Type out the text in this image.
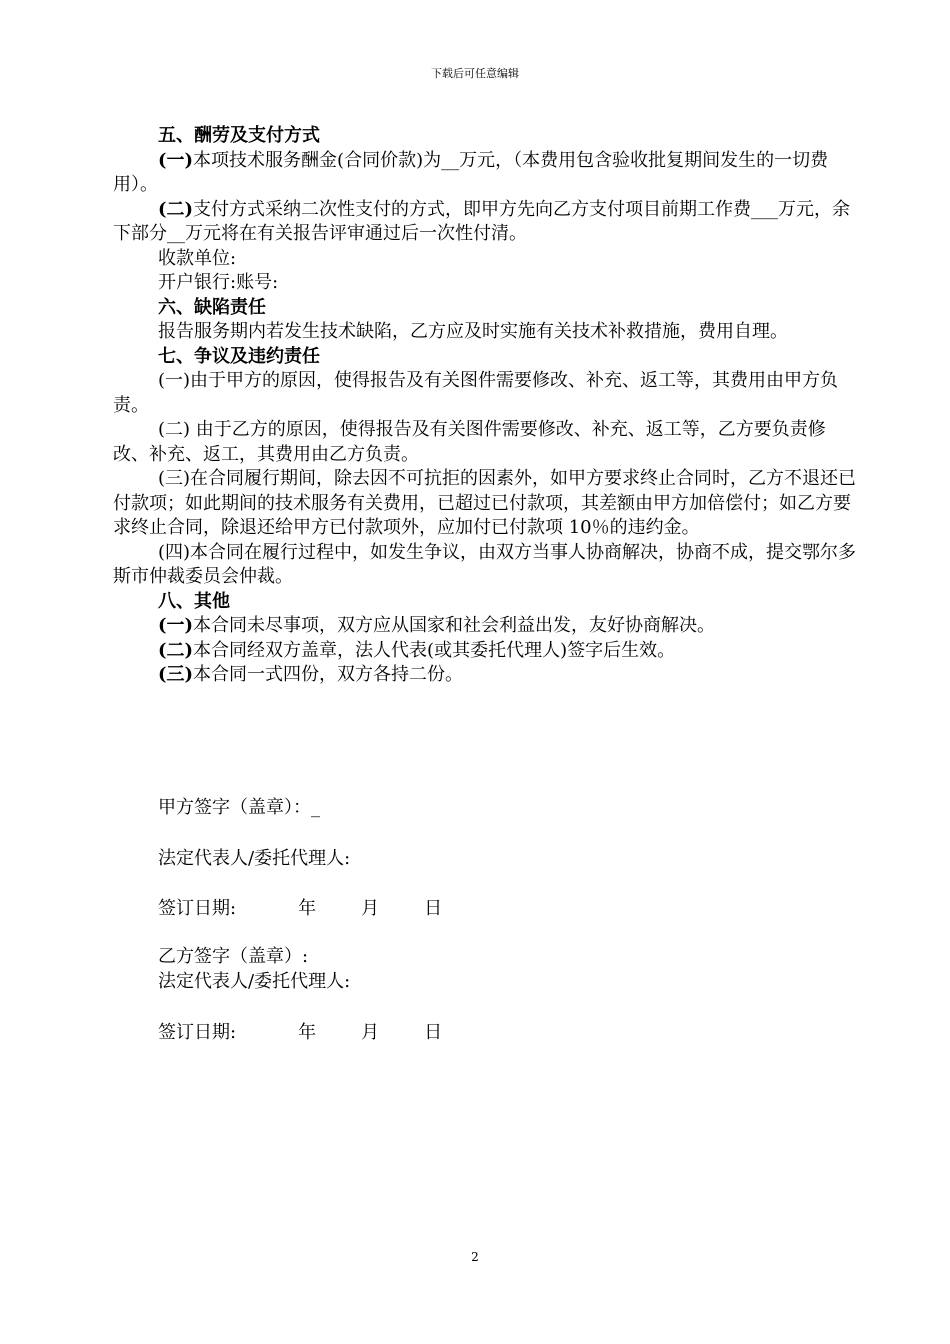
下载后可任意编辑

五、酬劳及支付方式

(一)本项技术服务酬金(合同价款)为__万元，（本费用包含验收批复期间发生的一切费用）。

(二)支付方式采纳二次性支付的方式，即甲方先向乙方支付项目前期工作费___万元，余下部分__万元将在有关报告评审通过后一次性付清。

收款单位:

开户银行:账号:

六、缺陷责任

报告服务期内若发生技术缺陷，乙方应及时实施有关技术补救措施，费用自理。

七、争议及违约责任

(一)由于甲方的原因，使得报告及有关图件需要修改、补充、返工等，其费用由甲方负责。

(二) 由于乙方的原因，使得报告及有关图件需要修改、补充、返工等，乙方要负责修改、补充、返工，其费用由乙方负责。

(三)在合同履行期间，除去因不可抗拒的因素外，如甲方要求终止合同时，乙方不退还已付款项；如此期间的技术服务有关费用，已超过已付款项，其差额由甲方加倍偿付；如乙方要求终止合同，除退还给甲方已付款项外，应加付已付款项 10％的违约金。

(四)本合同在履行过程中，如发生争议，由双方当事人协商解决，协商不成，提交鄂尔多斯市仲裁委员会仲裁。

八、其他

(一)本合同未尽事项，双方应从国家和社会利益出发，友好协商解决。

(二)本合同经双方盖章，法人代表(或其委托代理人)签字后生效。

(三)本合同一式四份，双方各持二份。

甲方签字（盖章）：_
法定代表人/委托代理人:
签订日期:	年	月	日
乙方签字（盖章）:
法定代表人/委托代理人:
签订日期:	年	月	日
2
